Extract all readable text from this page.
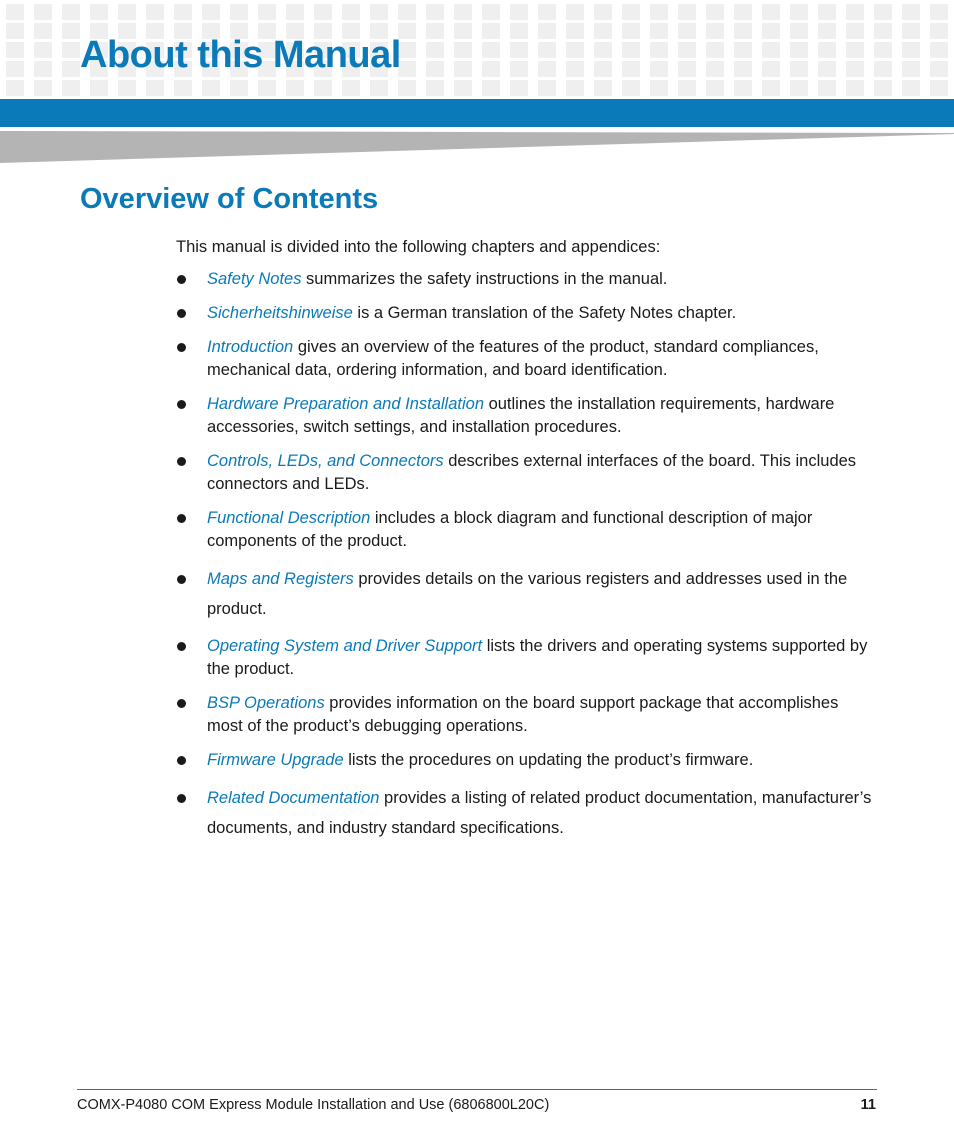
About this Manual
Overview of Contents

This manual is divided into the following chapters and appendices:

Safety Notes summarizes the safety instructions in the manual.
Sicherheitshinweise is a German translation of the Safety Notes chapter.
Introduction gives an overview of the features of the product, standard compliances, mechanical data, ordering information, and board identification.
Hardware Preparation and Installation outlines the installation requirements, hardware accessories, switch settings, and installation procedures.
Controls, LEDs, and Connectors describes external interfaces of the board. This includes connectors and LEDs.
Functional Description includes a block diagram and functional description of major components of the product.
Maps and Registers provides details on the various registers and addresses used in the product.
Operating System and Driver Support lists the drivers and operating systems supported by the product.
BSP Operations provides information on the board support package that accomplishes most of the product’s debugging operations.
Firmware Upgrade lists the procedures on updating the product’s firmware.
Related Documentation provides a listing of related product documentation, manufacturer’s documents, and industry standard specifications.
COMX-P4080 COM Express Module Installation and Use (6806800L20C)	11
